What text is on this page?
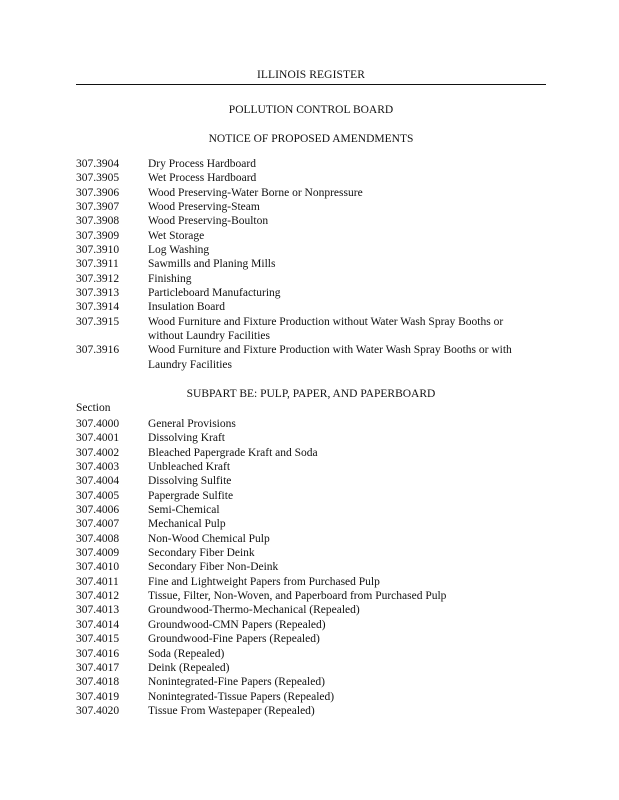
ILLINOIS REGISTER
POLLUTION CONTROL BOARD
NOTICE OF PROPOSED AMENDMENTS
307.3904	Dry Process Hardboard
307.3905	Wet Process Hardboard
307.3906	Wood Preserving-Water Borne or Nonpressure
307.3907	Wood Preserving-Steam
307.3908	Wood Preserving-Boulton
307.3909	Wet Storage
307.3910	Log Washing
307.3911	Sawmills and Planing Mills
307.3912	Finishing
307.3913	Particleboard Manufacturing
307.3914	Insulation Board
307.3915	Wood Furniture and Fixture Production without Water Wash Spray Booths or without Laundry Facilities
307.3916	Wood Furniture and Fixture Production with Water Wash Spray Booths or with Laundry Facilities
SUBPART BE: PULP, PAPER, AND PAPERBOARD
Section
307.4000	General Provisions
307.4001	Dissolving Kraft
307.4002	Bleached Papergrade Kraft and Soda
307.4003	Unbleached Kraft
307.4004	Dissolving Sulfite
307.4005	Papergrade Sulfite
307.4006	Semi-Chemical
307.4007	Mechanical Pulp
307.4008	Non-Wood Chemical Pulp
307.4009	Secondary Fiber Deink
307.4010	Secondary Fiber Non-Deink
307.4011	Fine and Lightweight Papers from Purchased Pulp
307.4012	Tissue, Filter, Non-Woven, and Paperboard from Purchased Pulp
307.4013	Groundwood-Thermo-Mechanical (Repealed)
307.4014	Groundwood-CMN Papers (Repealed)
307.4015	Groundwood-Fine Papers (Repealed)
307.4016	Soda (Repealed)
307.4017	Deink (Repealed)
307.4018	Nonintegrated-Fine Papers (Repealed)
307.4019	Nonintegrated-Tissue Papers (Repealed)
307.4020	Tissue From Wastepaper (Repealed)
